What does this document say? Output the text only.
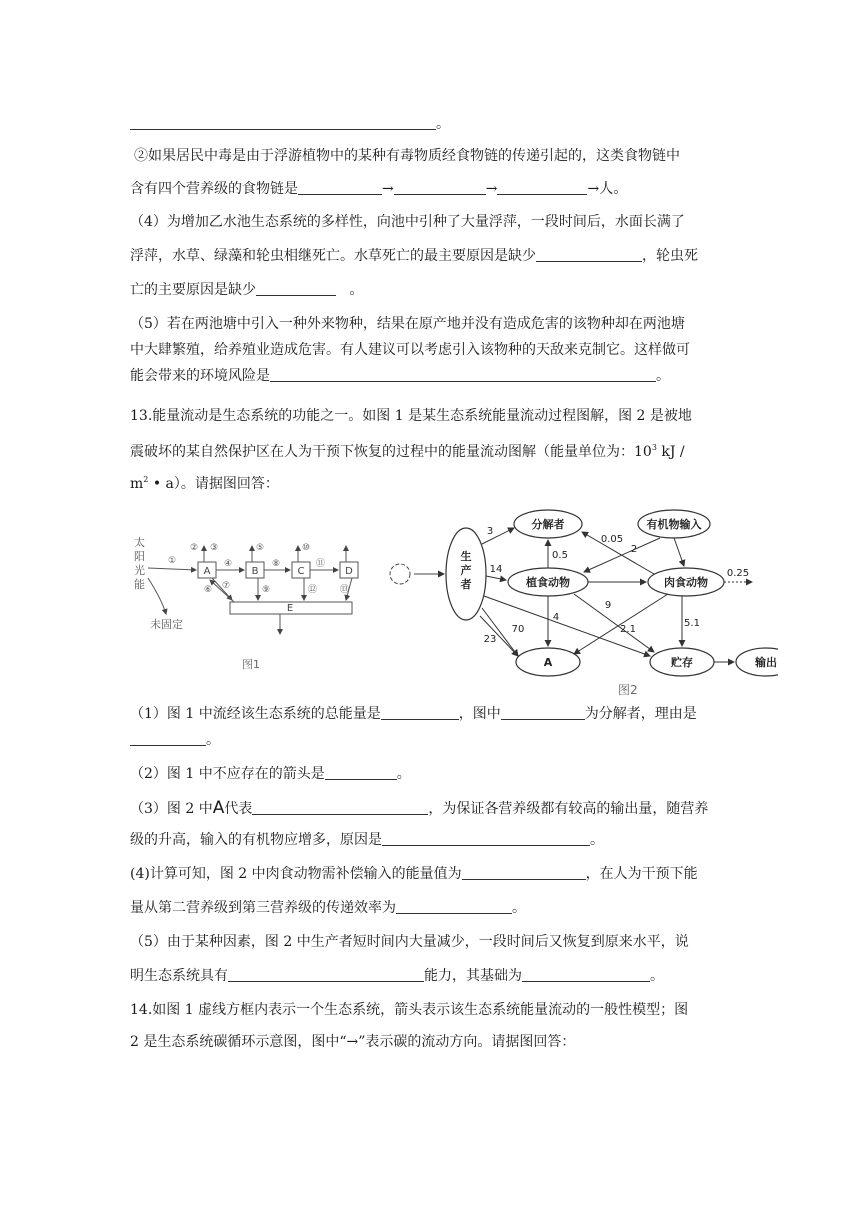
。
②如果居民中毒是由于浮游植物中的某种有毒物质经食物链的传递引起的，这类食物链中
含有四个营养级的食物链是	→	→	→人。
（4）为增加乙水池生态系统的多样性，向池中引种了大量浮萍，一段时间后，水面长满了
浮萍，水草、绿藻和轮虫相继死亡。水草死亡的最主要原因是缺少	，轮虫死
亡的主要原因是缺少	。
（5）若在两池塘中引入一种外来物种，结果在原产地并没有造成危害的该物种却在两池塘
中大肆繁殖，给养殖业造成危害。有人建议可以考虑引入该物种的天敌来克制它。这样做可
能会带来的环境风险是	。
13.能量流动是生态系统的功能之一。如图 1 是某生态系统能量流动过程图解，图 2 是被地
震破坏的某自然保护区在人为干预下恢复的过程中的能量流动图解（能量单位为：$10^3$ kJ /
$m^2$ • a）。请据图回答：
太
阳
光
能
未固定
A	B	C	D
E
①
② ③
④
⑤
⑥ ⑦
⑧
⑨
⑩
⑪
⑫	⑬
图1
生
产
者
分解者	有机物输入
植食动物	肉食动物
A	贮存	输出
3
14
70
23
0.5
4
9
0.05
2
2.1
5.1
0.25
图2
（1）图 1 中流经该生态系统的总能量是	，图中	为分解者，理由是
。
（2）图 1 中不应存在的箭头是	。
（3）图 2 中A代表	，为保证各营养级都有较高的输出量，随营养
级的升高，输入的有机物应增多，原因是	。
(4)计算可知，图 2 中肉食动物需补偿输入的能量值为	，在人为干预下能
量从第二营养级到第三营养级的传递效率为	。
（5）由于某种因素，图 2 中生产者短时间内大量减少，一段时间后又恢复到原来水平，说
明生态系统具有	能力，其基础为	。
14.如图 1 虚线方框内表示一个生态系统，箭头表示该生态系统能量流动的一般性模型；图
2 是生态系统碳循环示意图，图中“→”表示碳的流动方向。请据图回答：
